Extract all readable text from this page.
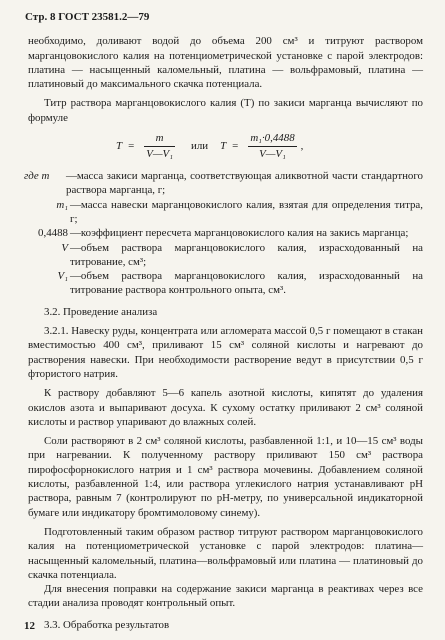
Стр. 8 ГОСТ 23581.2—79

необходимо, доливают водой до объема 200 см³ и титруют раствором марганцовокислого калия на потенциометрической установке с парой электродов: платина — насыщенный каломельный, платина — вольфрамовый, платина — платиновый до максимального скачка потенциала.

Титр раствора марганцовокислого калия (T) по закиси марганца вычисляют по формуле

$T = \frac{m}{\text{V—V₁}}$ или $T = \frac{\text{m₁·0,4488}}{\text{V—V₁}}$ ,
где m	—масса закиси марганца, соответствующая аликвотной части стандартного раствора марганца, г;
m₁ —масса навески марганцовокислого калия, взятая для определения титра, г;
0,4488 —коэффициент пересчета марганцовокислого калия на закись марганца;
V —объем раствора марганцовокислого калия, израсходованный на титрование, см³;
V₁ —объем раствора марганцовокислого калия, израсходованный на титрование раствора контрольного опыта, см³.

3.2. Проведение анализа

3.2.1. Навеску руды, концентрата или агломерата массой 0,5 г помещают в стакан вместимостью 400 см³, приливают 15 см³ соляной кислоты и нагревают до растворения навески. При необходимости растворение ведут в присутствии 0,5 г фтористого натрия.

К раствору добавляют 5—6 капель азотной кислоты, кипятят до удаления окислов азота и выпаривают досуха. К сухому остатку приливают 2 см³ соляной кислоты и раствор упаривают до влажных солей.

Соли растворяют в 2 см³ соляной кислоты, разбавленной 1:1, и 10—15 см³ воды при нагревании. К полученному раствору приливают 150 см³ раствора пирофосфорнокислого натрия и 1 см³ раствора мочевины. Добавлением соляной кислоты, разбавленной 1:4, или раствора углекислого натрия устанавливают pH раствора, равным 7 (контролируют по pH-метру, по универсальной индикаторной бумаге или индикатору бромтимоловому синему).

Подготовленный таким образом раствор титруют раствором марганцовокислого калия на потенциометрической установке с парой электродов: платина—насыщенный каломельный, платина—вольфрамовый или платина — платиновый до скачка потенциала.

Для внесения поправки на содержание закиси марганца в реактивах через все стадии анализа проводят контрольный опыт.

3.3. Обработка результатов

12
